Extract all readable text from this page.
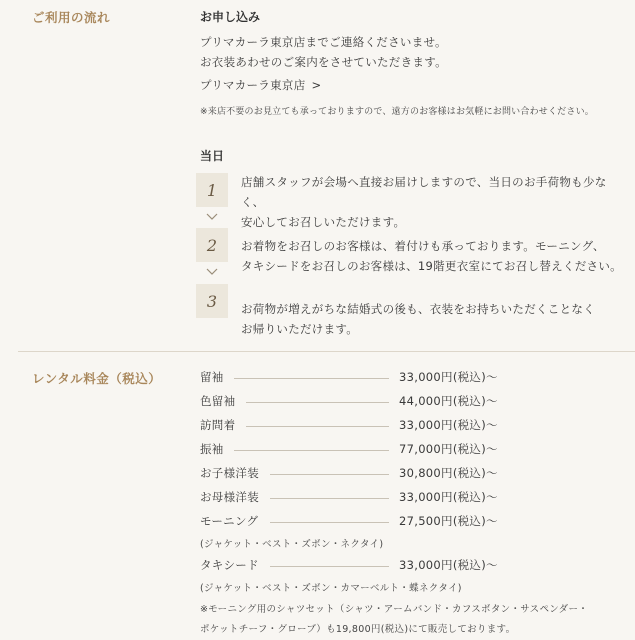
ご利用の流れ	お申し込み
プリマカーラ東京店までご連絡くださいませ。
お衣装あわせのご案内をさせていただきます。
プリマカーラ東京店 >
※来店不要のお見立ても承っておりますので、遠方のお客様はお気軽にお問い合わせください。
当日
1	店舗スタッフが会場へ直接お届けしますので、当日のお手荷物も少なく、
安心してお召しいただけます。
2	お着物をお召しのお客様は、着付けも承っております。モーニング、
タキシードをお召しのお客様は、19階更衣室にてお召し替えください。
3	お荷物が増えがちな結婚式の後も、衣装をお持ちいただくことなく
お帰りいただけます。
レンタル料金（税込）	留袖	33,000円(税込)〜
色留袖	44,000円(税込)〜
訪問着	33,000円(税込)〜
振袖	77,000円(税込)〜
お子様洋装	30,800円(税込)〜
お母様洋装	33,000円(税込)〜
モーニング	27,500円(税込)〜
(ジャケット・ベスト・ズボン・ネクタイ)
タキシード	33,000円(税込)〜
(ジャケット・ベスト・ズボン・カマーベルト・蝶ネクタイ)
※モーニング用のシャツセット（シャツ・アームバンド・カフスボタン・サスペンダー・
ポケットチーフ・グローブ）も19,800円(税込)にて販売しております。
